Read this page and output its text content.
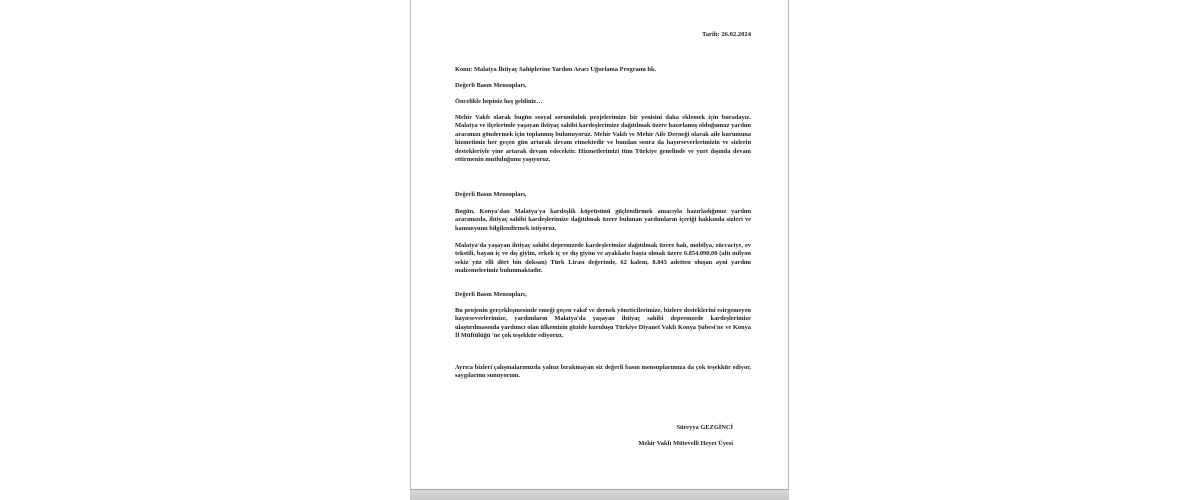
Tarih: 26.02.2024

Konu: Malatya İhtiyaç Sahiplerine Yardım Aracı Uğurlama Programı hk.

Değerli Basın Mensupları,

Öncelikle hepiniz hoş geldiniz…

Mehir Vakfı olarak bugün sosyal sorumluluk projelerimize bir yenisini daha eklemek için buradayız. Malatya ve ilçelerinde yaşayan ihtiyaç sahibi kardeşlerimize dağıtılmak üzere hazırlamış olduğumuz yardım aracımızı göndermek için toplanmış bulunuyoruz. Mehir Vakfı ve Mehir Aile Derneği olarak aile kurumuna hizmetimiz her geçen gün artarak devam etmektedir ve bundan sonra da hayırseverlerimizin ve sizlerin destekleriyle yine artarak devam edecektir. Hizmetlerimizi tüm Türkiye genelinde ve yurt dışında devam ettirmenin mutluluğunu yaşıyoruz.

Değerli Basın Mensupları,

Bugün, Konya'dan Malatya'ya kardeşlik köprüsünü güçlendirmek amacıyla hazırladığımız yardım aracımızda, ihtiyaç sahibi kardeşlerimize dağıtılmak üzere bulunan yardımların içeriği hakkında sizleri ve kamuoyunu bilgilendirmek istiyoruz.

Malatya'da yaşayan ihtiyaç sahibi depremzede kardeşlerimize dağıtılmak üzere halı, mobilya, züccaciye, ev tekstili, bayan iç ve dış giyim, erkek iç ve dış giyim ve ayakkabı başta olmak üzere 6.854.090,00 (altı milyon sekiz yüz elli dört bin doksan) Türk Lirası değerinde, 62 kalem, 8.843 adetten oluşan ayni yardım malzemelerimiz bulunmaktadır.

Değerli Basın Mensupları,

Bu projenin gerçekleşmesinde emeği geçen vakıf ve dernek yöneticilerimize, bizlere desteklerini esirgemeyen hayırseverlerimize, yardımların Malatya'da yaşayan ihtiyaç sahibi depremzede kardeşlerimize ulaştırılmasında yardımcı olan ülkemizin güzide kuruluşu Türkiye Diyanet Vakfı Konya Şubesi'ne ve Konya İl Müftülüğü 'ne çok teşekkür ediyoruz.

Ayrıca bizleri çalışmalarımızda yalnız bırakmayan siz değerli basın mensuplarımıza da çok teşekkür ediyor, saygılarımı sunuyorum.

Süreyya GEZGİNCİ
Mehir Vakfı Mütevelli Heyet Üyesi
